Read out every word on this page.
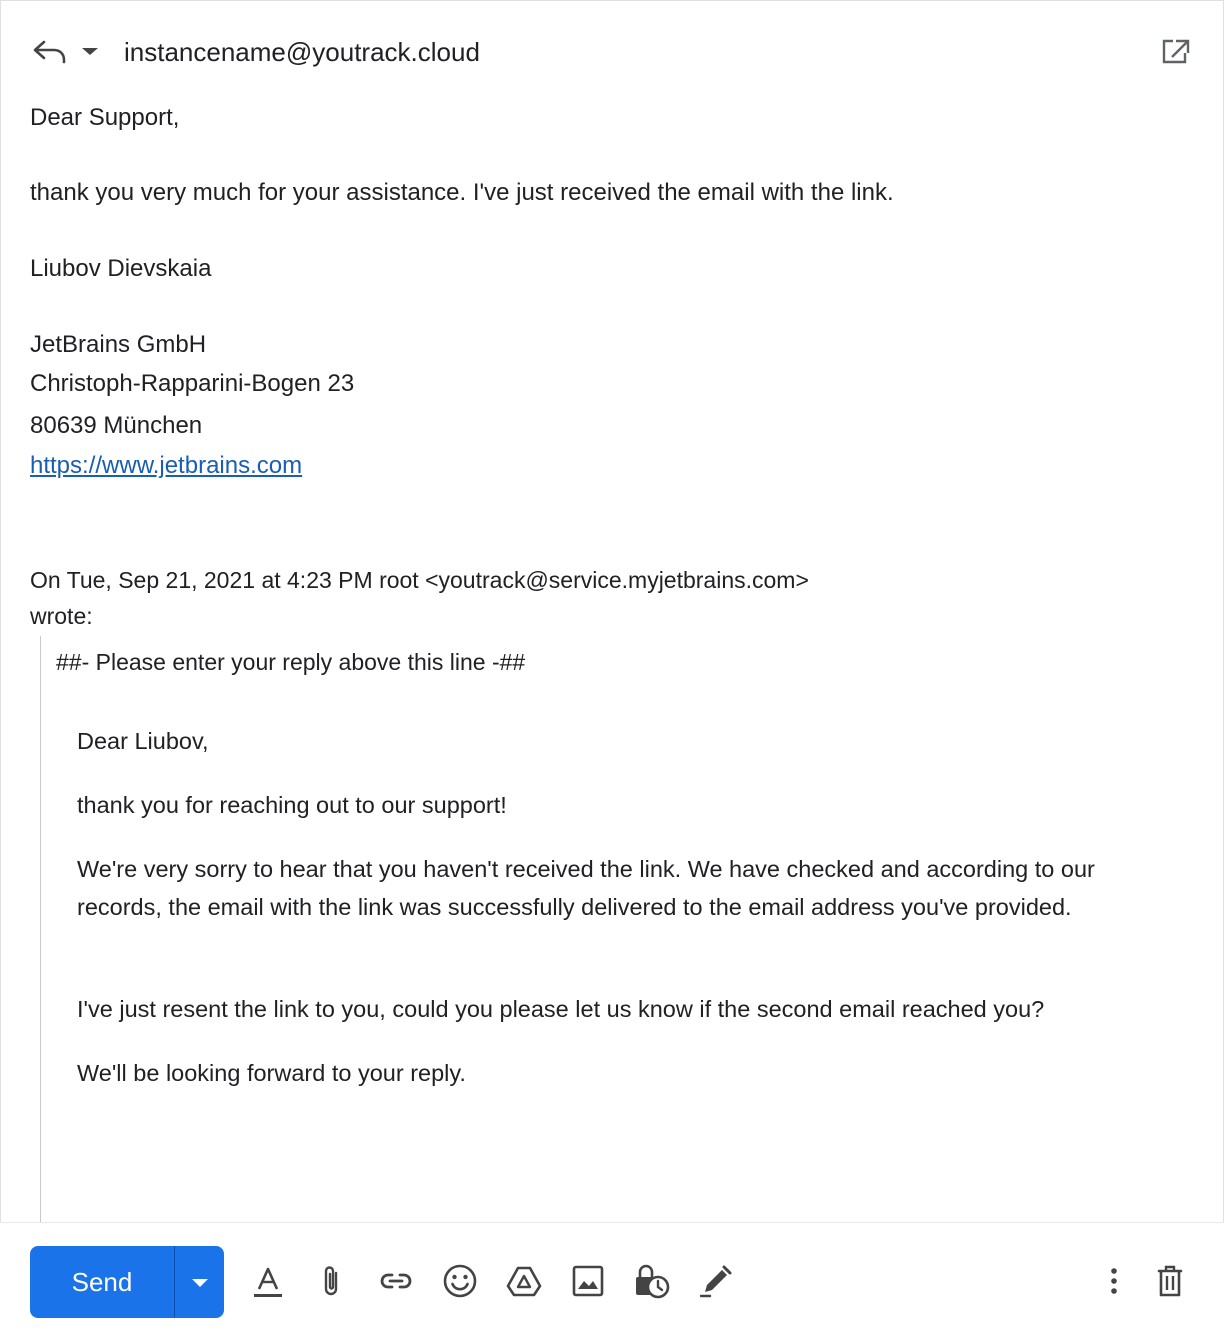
instancename@youtrack.cloud
Dear Support,
thank you very much for your assistance. I've just received the email with the link.
Liubov Dievskaia
JetBrains GmbH
Christoph-Rapparini-Bogen 23
80639 München
https://www.jetbrains.com
On Tue, Sep 21, 2021 at 4:23 PM root <youtrack@service.myjetbrains.com>
wrote:
##- Please enter your reply above this line -##
Dear Liubov,
thank you for reaching out to our support!
We're very sorry to hear that you haven't received the link. We have checked and according to our records, the email with the link was successfully delivered to the email address you've provided.
I've just resent the link to you, could you please let us know if the second email reached you?
We'll be looking forward to your reply.
Send
